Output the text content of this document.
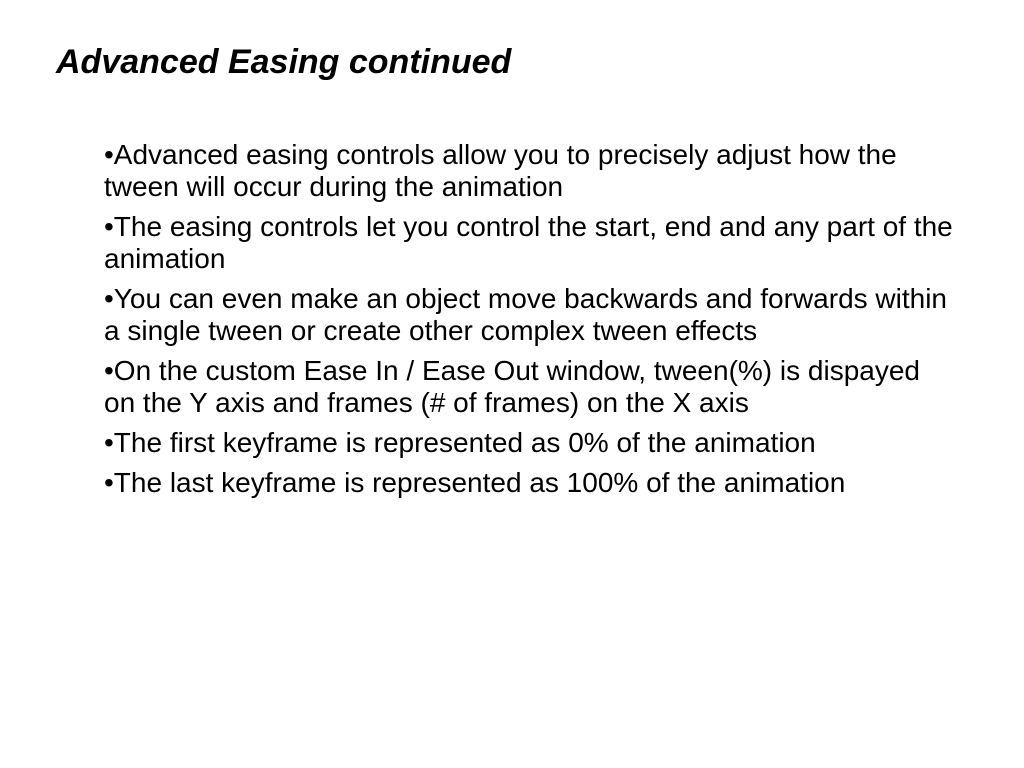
Advanced Easing continued
•Advanced easing controls allow you to precisely adjust how the tween will occur during the animation
•The easing controls let you control the start, end and any part of the animation
•You can even make an object move backwards and forwards within a single tween or create other complex tween effects
•On the custom Ease In / Ease Out window, tween(%) is dispayed on the Y axis and frames (# of frames) on the X axis
•The first keyframe is represented as 0% of the animation
•The last keyframe is represented as 100% of the animation
